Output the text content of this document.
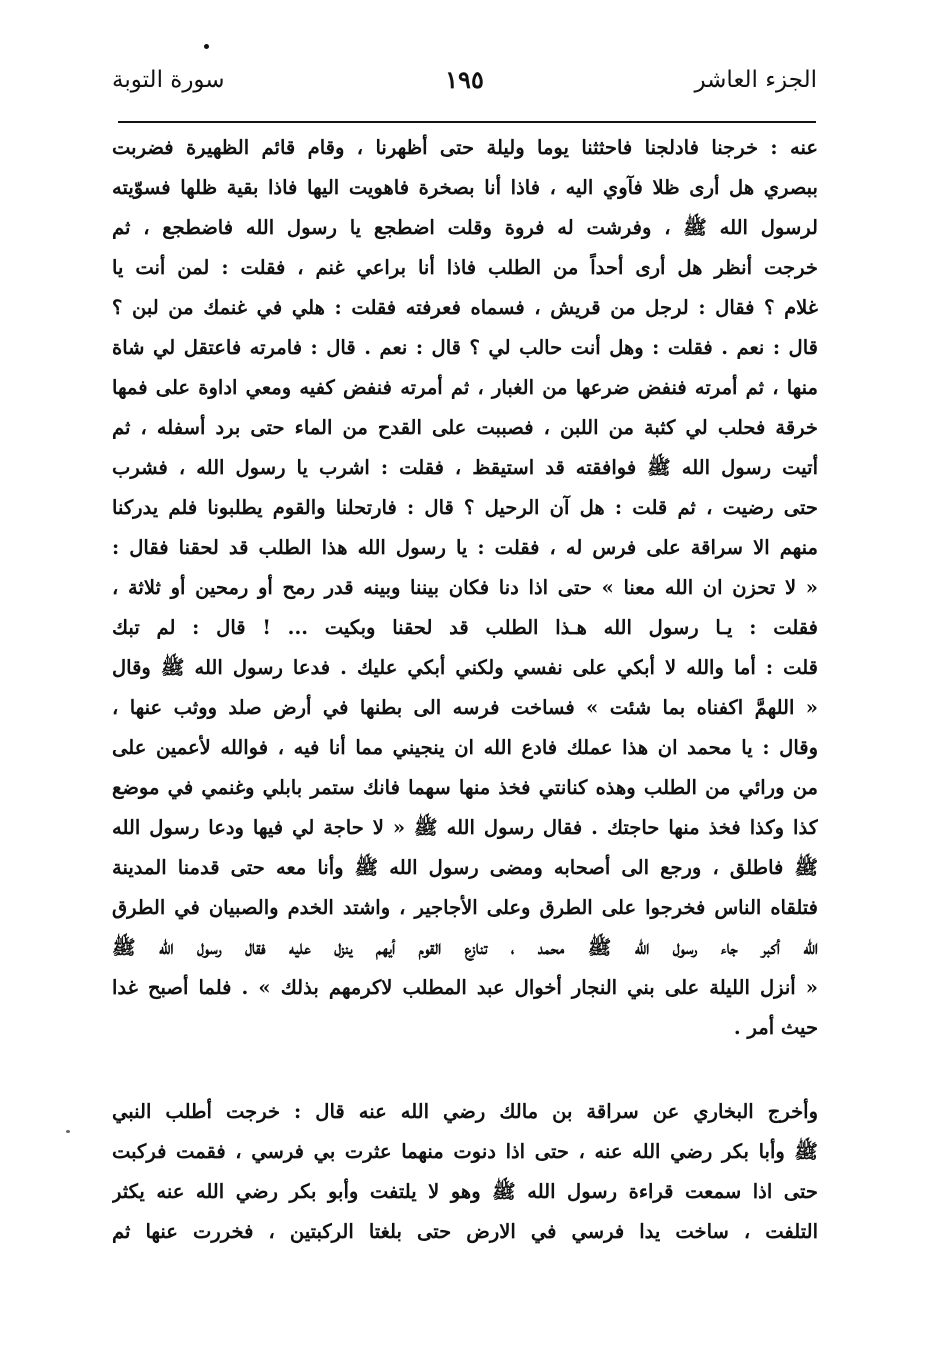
الجزء العاشر
١٩٥
سورة التوبة
عنه : خرجنا فادلجنا فاحثثنا يوما وليلة حتى أظهرنا ، وقام قائم الظهيرة فضربت
ببصري هل أرى ظلا فآوي اليه ، فاذا أنا بصخرة فاهويت اليها فاذا بقية ظلها فسوّيته
لرسول الله ﷺ ، وفرشت له فروة وقلت اضطجع يا رسول الله فاضطجع ، ثم
خرجت أنظر هل أرى أحداً من الطلب فاذا أنا براعي غنم ، فقلت : لمن أنت يا
غلام ؟ فقال : لرجل من قريش ، فسماه فعرفته فقلت : هلي في غنمك من لبن ؟
قال : نعم . فقلت : وهل أنت حالب لي ؟ قال : نعم . قال : فامرته فاعتقل لي شاة
منها ، ثم أمرته فنفض ضرعها من الغبار ، ثم أمرته فنفض كفيه ومعي اداوة على فمها
خرقة فحلب لي كثبة من اللبن ، فصببت على القدح من الماء حتى برد أسفله ، ثم
أتيت رسول الله ﷺ فوافقته قد استيقظ ، فقلت : اشرب يا رسول الله ، فشرب
حتى رضيت ، ثم قلت : هل آن الرحيل ؟ قال : فارتحلنا والقوم يطلبونا فلم يدركنا
منهم الا سراقة على فرس له ، فقلت : يا رسول الله هذا الطلب قد لحقنا فقال :
« لا تحزن ان الله معنا » حتى اذا دنا فكان بيننا وبينه قدر رمح أو رمحين أو ثلاثة ،
فقلت : يـا رسول الله هـذا الطلب قد لحقنا وبكيت ... ! قال : لم تبك
قلت : أما والله لا أبكي على نفسي ولكني أبكي عليك . فدعا رسول الله ﷺ وقال
« اللهمَّ اكفناه بما شئت » فساخت فرسه الى بطنها في أرض صلد ووثب عنها ،
وقال : يا محمد ان هذا عملك فادع الله ان ينجيني مما أنا فيه ، فوالله لأعمين على
من ورائي من الطلب وهذه كنانتي فخذ منها سهما فانك ستمر بابلي وغنمي في موضع
كذا وكذا فخذ منها حاجتك . فقال رسول الله ﷺ « لا حاجة لي فيها ودعا رسول الله
ﷺ فاطلق ، ورجع الى أصحابه ومضى رسول الله ﷺ وأنا معه حتى قدمنا المدينة
فتلقاه الناس فخرجوا على الطرق وعلى الأجاجير ، واشتد الخدم والصبيان في الطرق
الله أكبر جاء رسول الله ﷺ محمد ، تنازع القوم أيهم ينزل عليه فقال رسول الله ﷺ
« أنزل الليلة على بني النجار أخوال عبد المطلب لاكرمهم بذلك » . فلما أصبح غدا
حيث أمر .
وأخرج البخاري عن سراقة بن مالك رضي الله عنه قال : خرجت أطلب النبي
ﷺ وأبا بكر رضي الله عنه ، حتى اذا دنوت منهما عثرت بي فرسي ، فقمت فركبت
حتى اذا سمعت قراءة رسول الله ﷺ وهو لا يلتفت وأبو بكر رضي الله عنه يكثر
التلفت ، ساخت يدا فرسي في الارض حتى بلغتا الركبتين ، فخررت عنها ثم
